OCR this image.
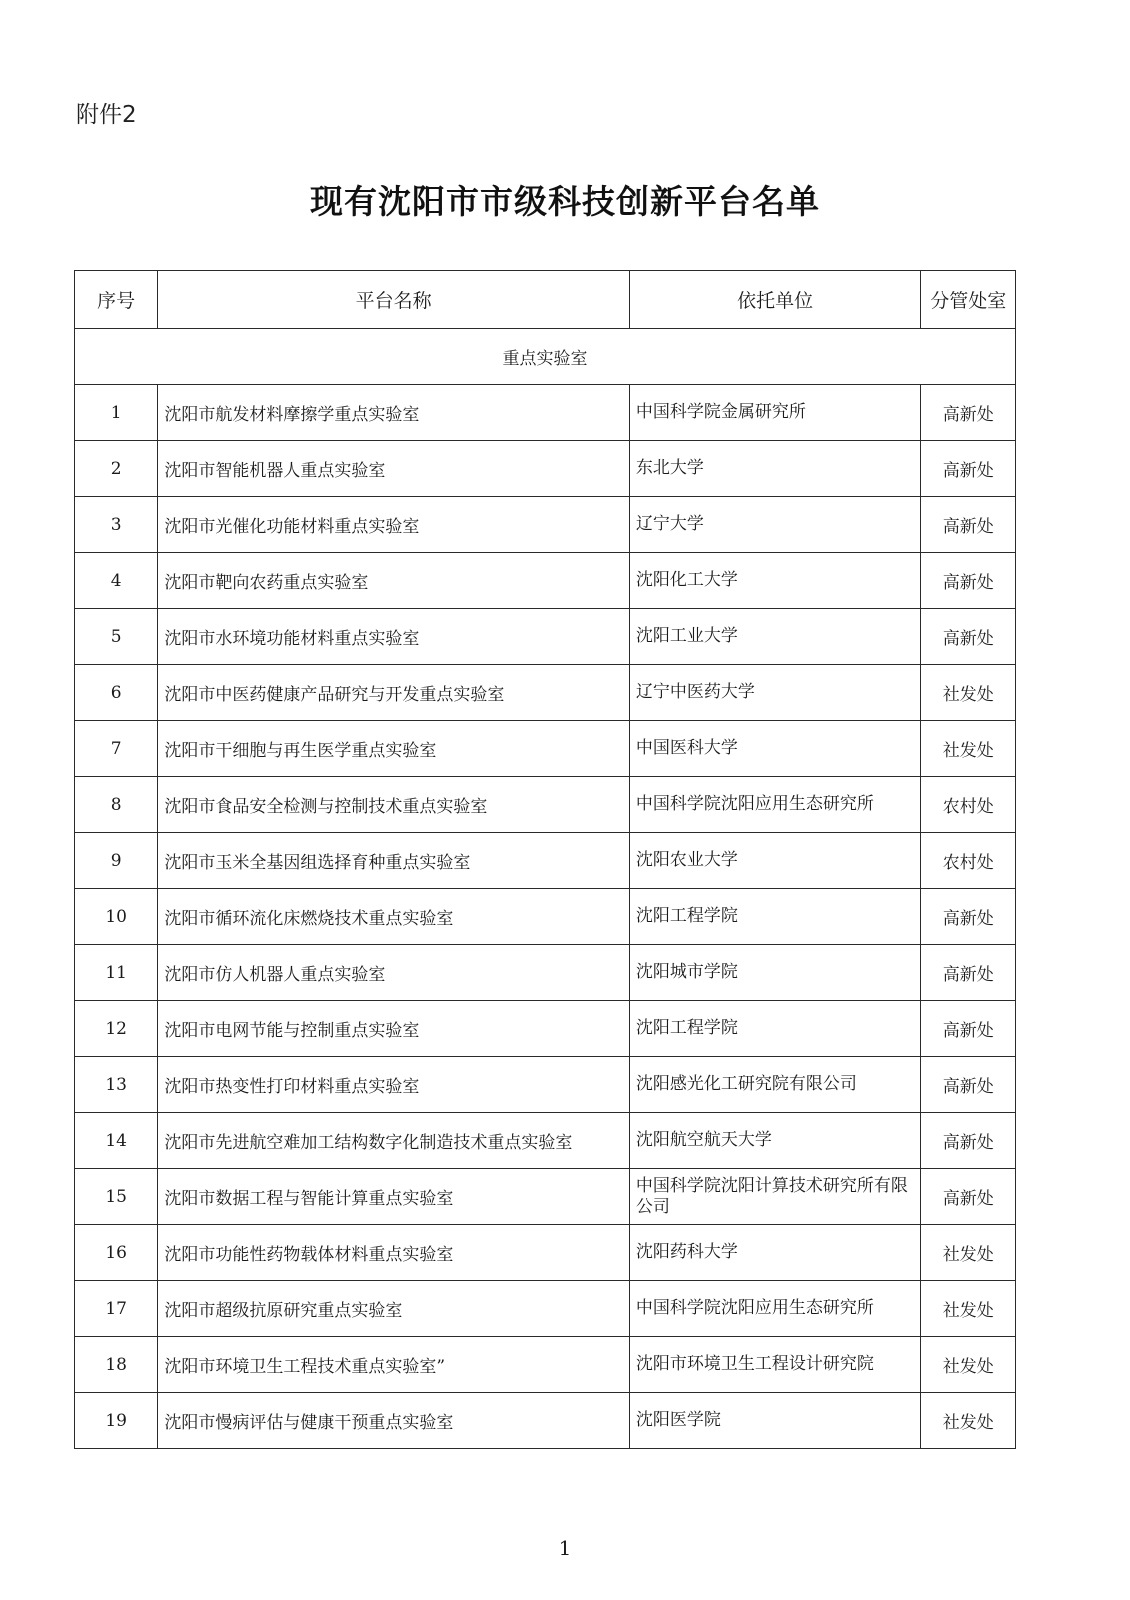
附件2
现有沈阳市市级科技创新平台名单
序号	平台名称	依托单位	分管处室
重点实验室			
1	沈阳市航发材料摩擦学重点实验室	中国科学院金属研究所	高新处
2	沈阳市智能机器人重点实验室	东北大学	高新处
3	沈阳市光催化功能材料重点实验室	辽宁大学	高新处
4	沈阳市靶向农药重点实验室	沈阳化工大学	高新处
5	沈阳市水环境功能材料重点实验室	沈阳工业大学	高新处
6	沈阳市中医药健康产品研究与开发重点实验室	辽宁中医药大学	社发处
7	沈阳市干细胞与再生医学重点实验室	中国医科大学	社发处
8	沈阳市食品安全检测与控制技术重点实验室	中国科学院沈阳应用生态研究所	农村处
9	沈阳市玉米全基因组选择育种重点实验室	沈阳农业大学	农村处
10	沈阳市循环流化床燃烧技术重点实验室	沈阳工程学院	高新处
11	沈阳市仿人机器人重点实验室	沈阳城市学院	高新处
12	沈阳市电网节能与控制重点实验室	沈阳工程学院	高新处
13	沈阳市热变性打印材料重点实验室	沈阳感光化工研究院有限公司	高新处
14	沈阳市先进航空难加工结构数字化制造技术重点实验室	沈阳航空航天大学	高新处
15	沈阳市数据工程与智能计算重点实验室	中国科学院沈阳计算技术研究所有限公司	高新处
16	沈阳市功能性药物载体材料重点实验室	沈阳药科大学	社发处
17	沈阳市超级抗原研究重点实验室	中国科学院沈阳应用生态研究所	社发处
18	沈阳市环境卫生工程技术重点实验室”	沈阳市环境卫生工程设计研究院	社发处
19	沈阳市慢病评估与健康干预重点实验室	沈阳医学院	社发处
1
